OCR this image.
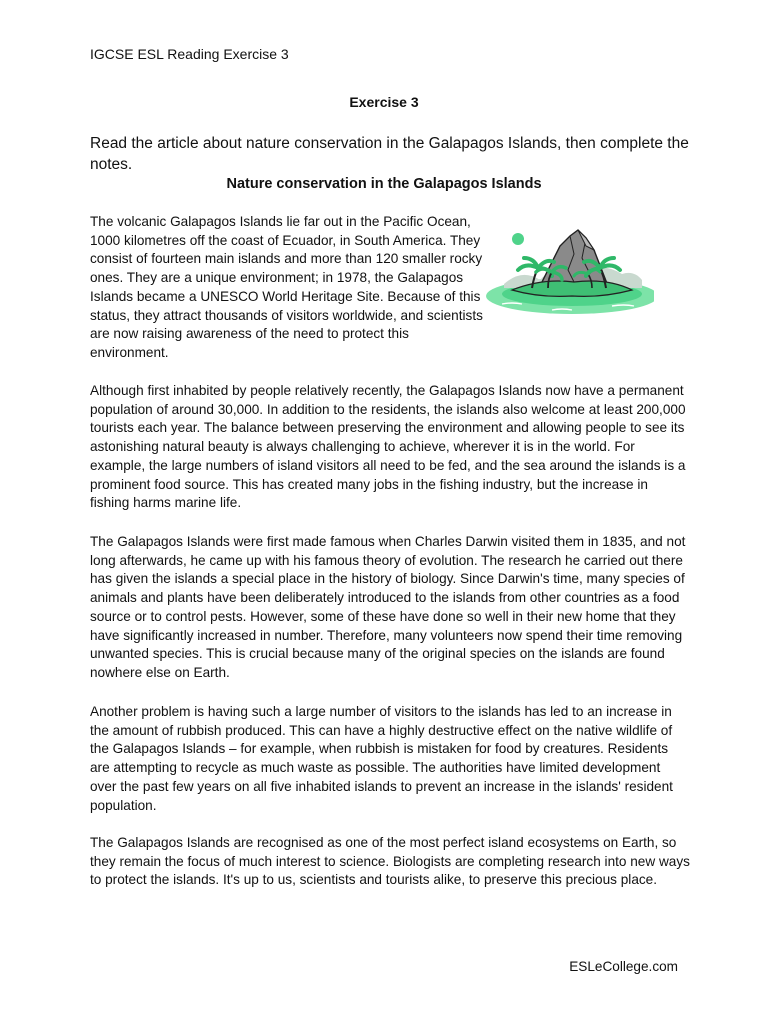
IGCSE ESL Reading Exercise 3
Exercise 3
Read the article about nature conservation in the Galapagos Islands, then complete the notes.
Nature conservation in the Galapagos Islands

The volcanic Galapagos Islands lie far out in the Pacific Ocean, 1000 kilometres off the coast of Ecuador, in South America. They consist of fourteen main islands and more than 120 smaller rocky ones. They are a unique environment; in 1978, the Galapagos Islands became a UNESCO World Heritage Site. Because of this status, they attract thousands of visitors worldwide, and scientists are now raising awareness of the need to protect this environment.

Although first inhabited by people relatively recently, the Galapagos Islands now have a permanent population of around 30,000. In addition to the residents, the islands also welcome at least 200,000 tourists each year. The balance between preserving the environment and allowing people to see its astonishing natural beauty is always challenging to achieve, wherever it is in the world. For example, the large numbers of island visitors all need to be fed, and the sea around the islands is a prominent food source. This has created many jobs in the fishing industry, but the increase in fishing harms marine life.

The Galapagos Islands were first made famous when Charles Darwin visited them in 1835, and not long afterwards, he came up with his famous theory of evolution. The research he carried out there has given the islands a special place in the history of biology. Since Darwin's time, many species of animals and plants have been deliberately introduced to the islands from other countries as a food source or to control pests. However, some of these have done so well in their new home that they have significantly increased in number. Therefore, many volunteers now spend their time removing unwanted species. This is crucial because many of the original species on the islands are found nowhere else on Earth.

Another problem is having such a large number of visitors to the islands has led to an increase in the amount of rubbish produced. This can have a highly destructive effect on the native wildlife of the Galapagos Islands – for example, when rubbish is mistaken for food by creatures. Residents are attempting to recycle as much waste as possible. The authorities have limited development over the past few years on all five inhabited islands to prevent an increase in the islands' resident population.

The Galapagos Islands are recognised as one of the most perfect island ecosystems on Earth, so they remain the focus of much interest to science. Biologists are completing research into new ways to protect the islands. It's up to us, scientists and tourists alike, to preserve this precious place.

ESLeCollege.com
